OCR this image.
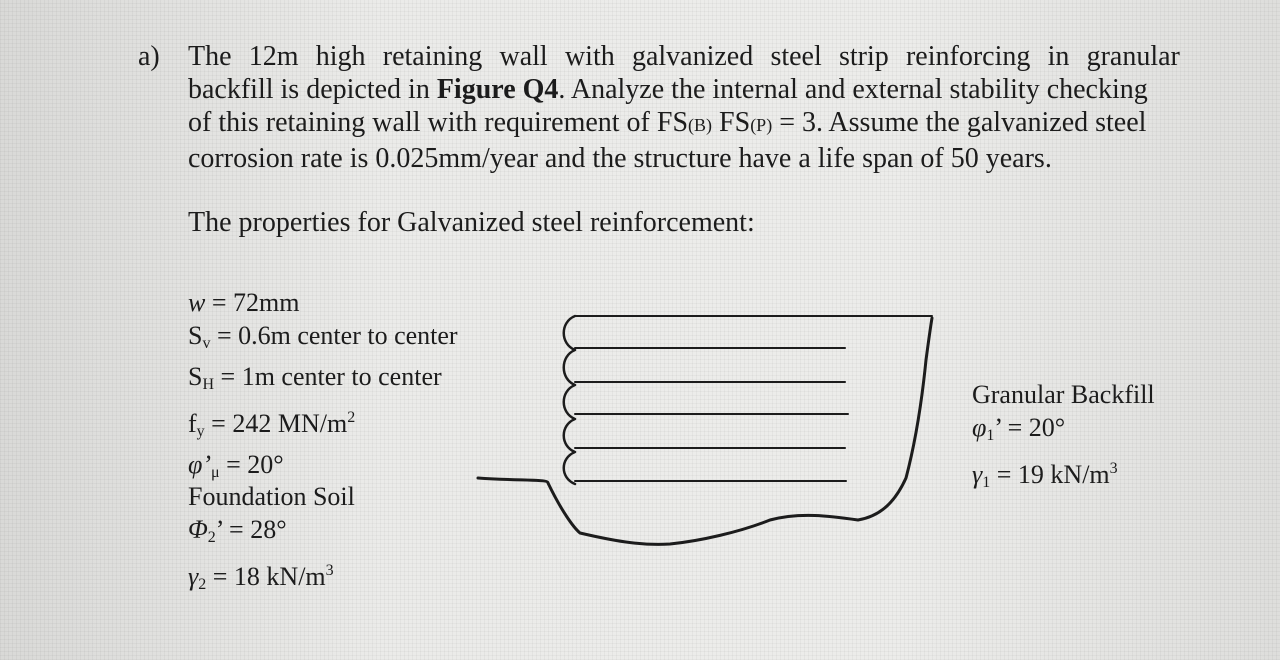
a) The 12m high retaining wall with galvanized steel strip reinforcing in granular
backfill is depicted in Figure Q4. Analyze the internal and external stability checking
of this retaining wall with requirement of FS(B) FS(P) = 3. Assume the galvanized steel
corrosion rate is 0.025mm/year and the structure have a life span of 50 years.
The properties for Galvanized steel reinforcement:
w = 72mm
Sv = 0.6m center to center
SH = 1m center to center
fy = 242 $MN/m^2$
φ’μ = 20°
Foundation Soil
Φ2’ = 28°
γ2 = 18 $kN/m^3$
Granular Backfill
φ1’ = 20°
γ1 = 19 $kN/m^3$
